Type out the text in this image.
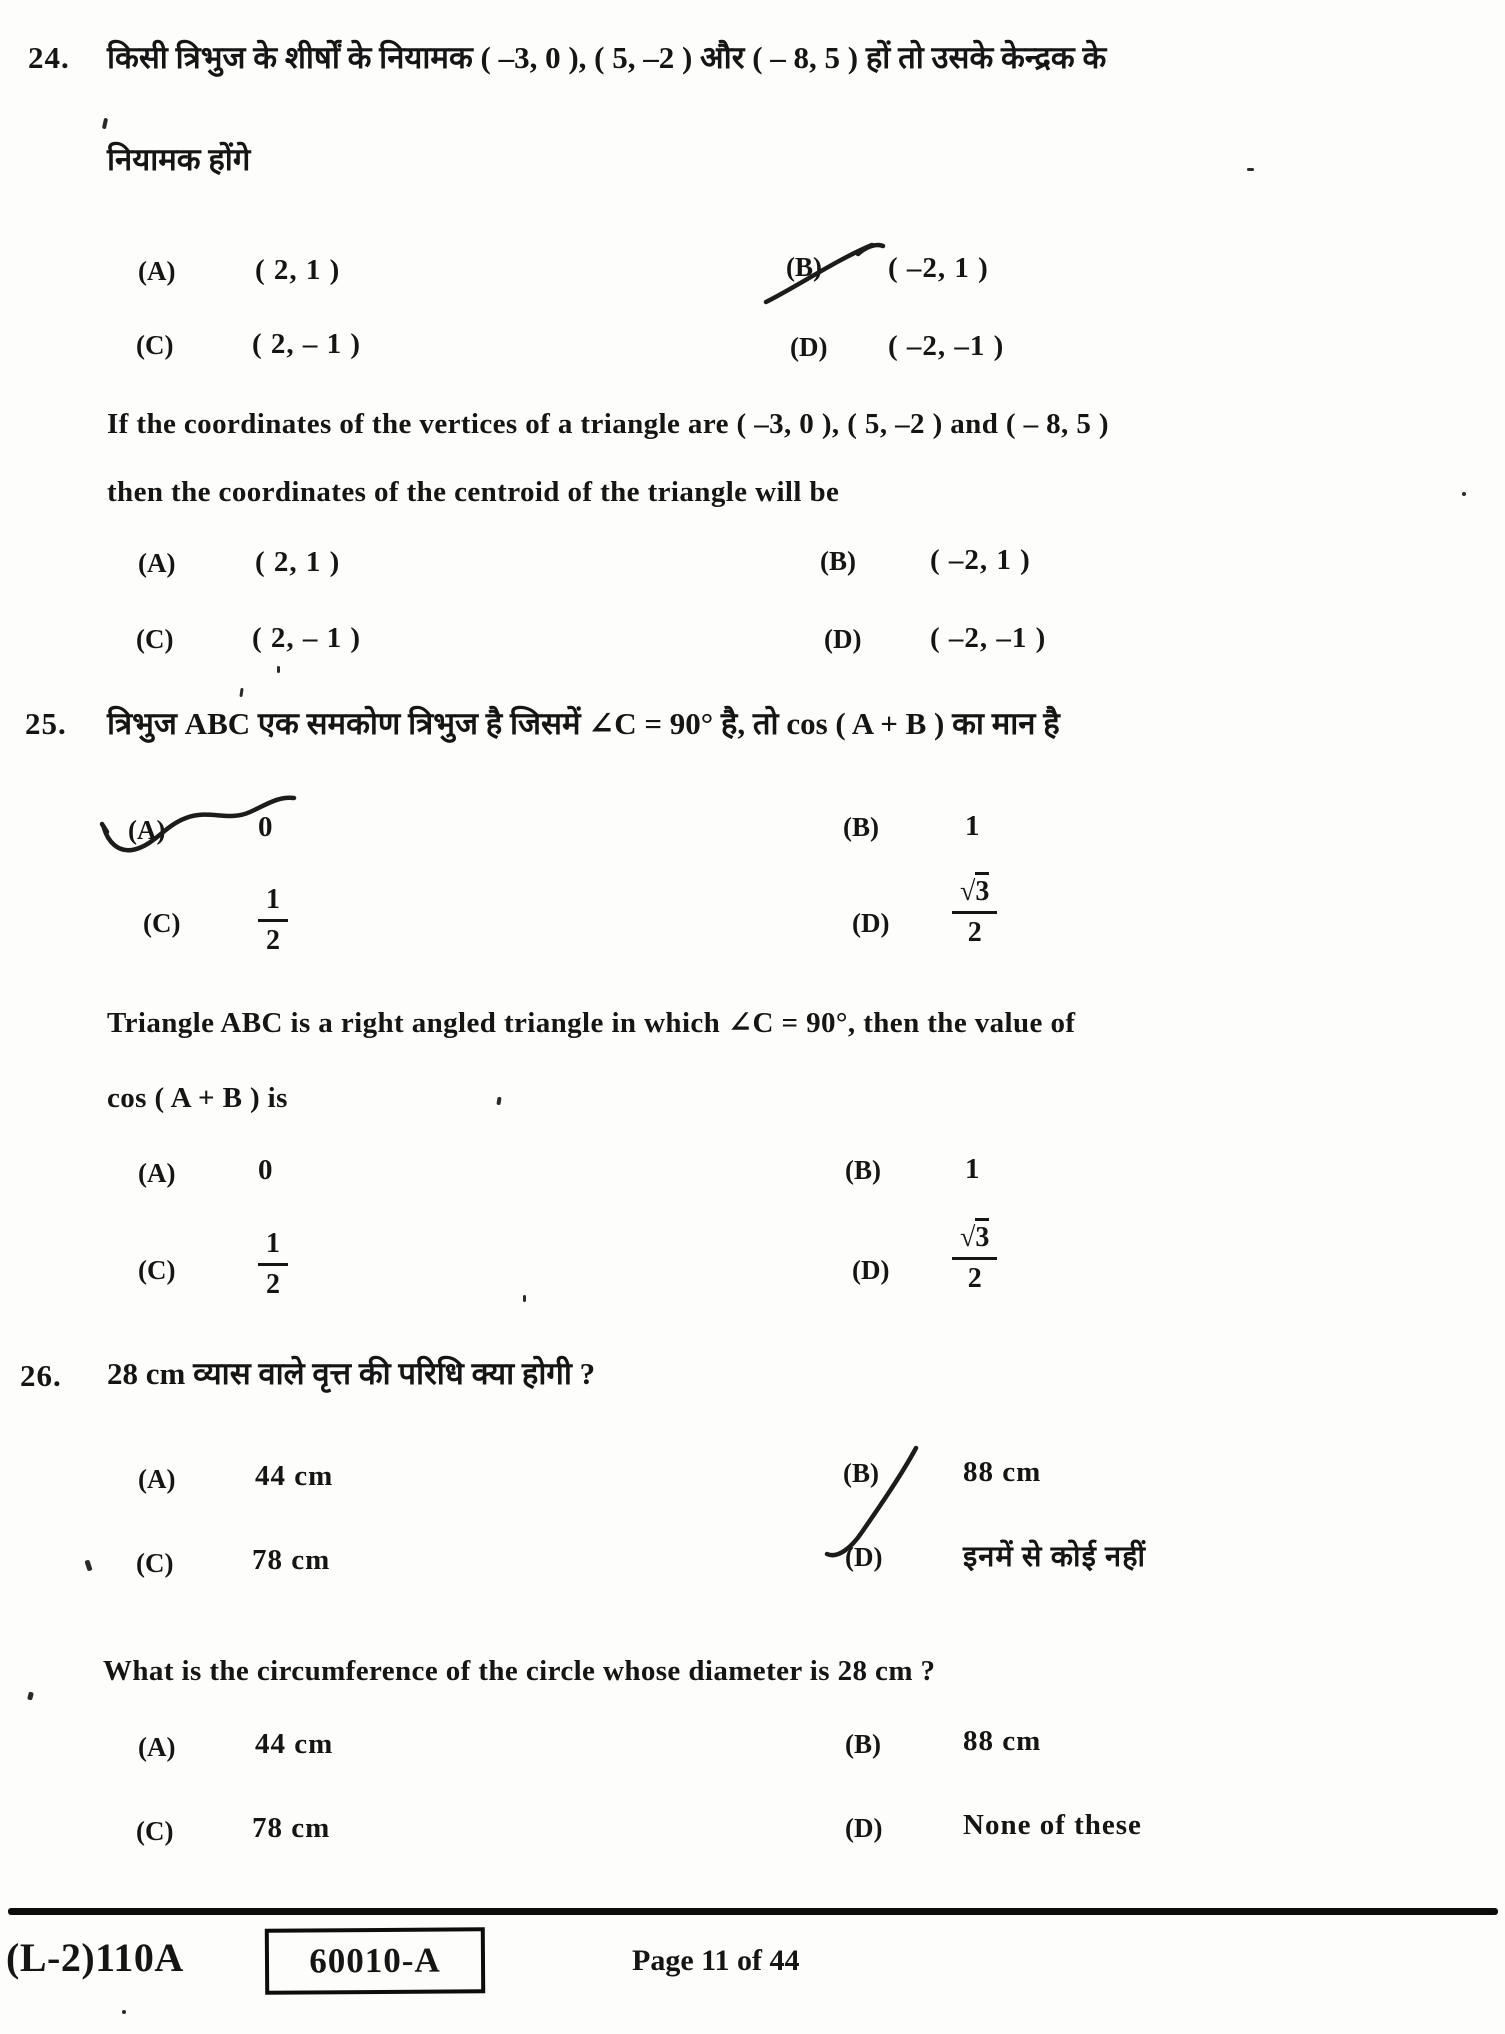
24. किसी त्रिभुज के शीर्षों के नियामक ( –3, 0 ), ( 5, –2 ) और ( – 8, 5 ) हों तो उसके केन्द्रक के
नियामक होंगे
(A)	( 2, 1 )	(B) ( –2, 1 )
(C)	( 2, – 1 )	(D) ( –2, –1 )
If the coordinates of the vertices of a triangle are ( –3, 0 ), ( 5, –2 ) and ( – 8, 5 )
then the coordinates of the centroid of the triangle will be
(A)	( 2, 1 )	(B)	( –2, 1 )
(C)	( 2, – 1 )	(D) ( –2, –1 )
25. त्रिभुज ABC एक समकोण त्रिभुज है जिसमें ∠C = 90° है, तो cos ( A + B ) का मान है
(A)	0	(B)	1
(C)	$\frac{1}{2}$	$(D) \frac{√3}{2}$
Triangle ABC is a right angled triangle in which ∠C = 90°, then the value of
cos ( A + B ) is
(A)	0	(B)	1
(C)	$\frac{1}{2}$	$(D) \frac{√3}{2}$
26. 28 cm व्यास वाले वृत्त की परिधि क्या होगी ?
(A)	44 cm	(B)	88 cm
(C)	78 cm	(D)	इनमें से कोई नहीं
What is the circumference of the circle whose diameter is 28 cm ?
(A)	44 cm	(B)	88 cm
(C)	78 cm	(D)	None of these
(L-2)110A	60010-A	Page 11 of 44
